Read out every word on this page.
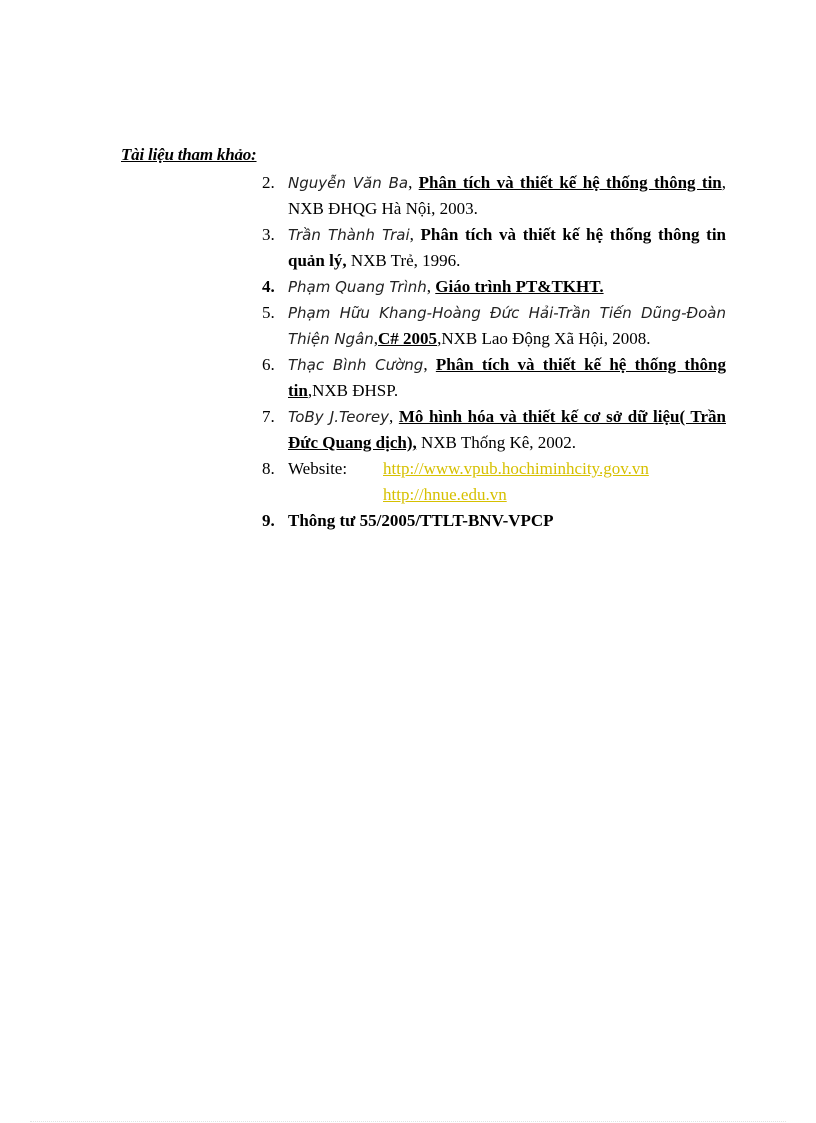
Tài liệu tham khảo:
2. Nguyễn Văn Ba, Phân tích và thiết kế hệ thống thông tin, NXB ĐHQG Hà Nội, 2003.
3. Trần Thành Trai, Phân tích và thiết kế hệ thống thông tin quản lý, NXB Trẻ, 1996.
4. Phạm Quang Trình, Giáo trình PT&TKHT.
5. Phạm Hữu Khang-Hoàng Đức Hải-Trần Tiến Dũng-Đoàn Thiện Ngân,C# 2005,NXB Lao Động Xã Hội, 2008.
6. Thạc Bình Cường, Phân tích và thiết kế hệ thống thông tin,NXB ĐHSP.
7. ToBy J.Teorey, Mô hình hóa và thiết kế cơ sở dữ liệu( Trần Đức Quang dịch), NXB Thống Kê, 2002.
8. Website:	http://www.vpub.hochiminhcity.gov.vn
http://hnue.edu.vn
9. Thông tư 55/2005/TTLT-BNV-VPCP
